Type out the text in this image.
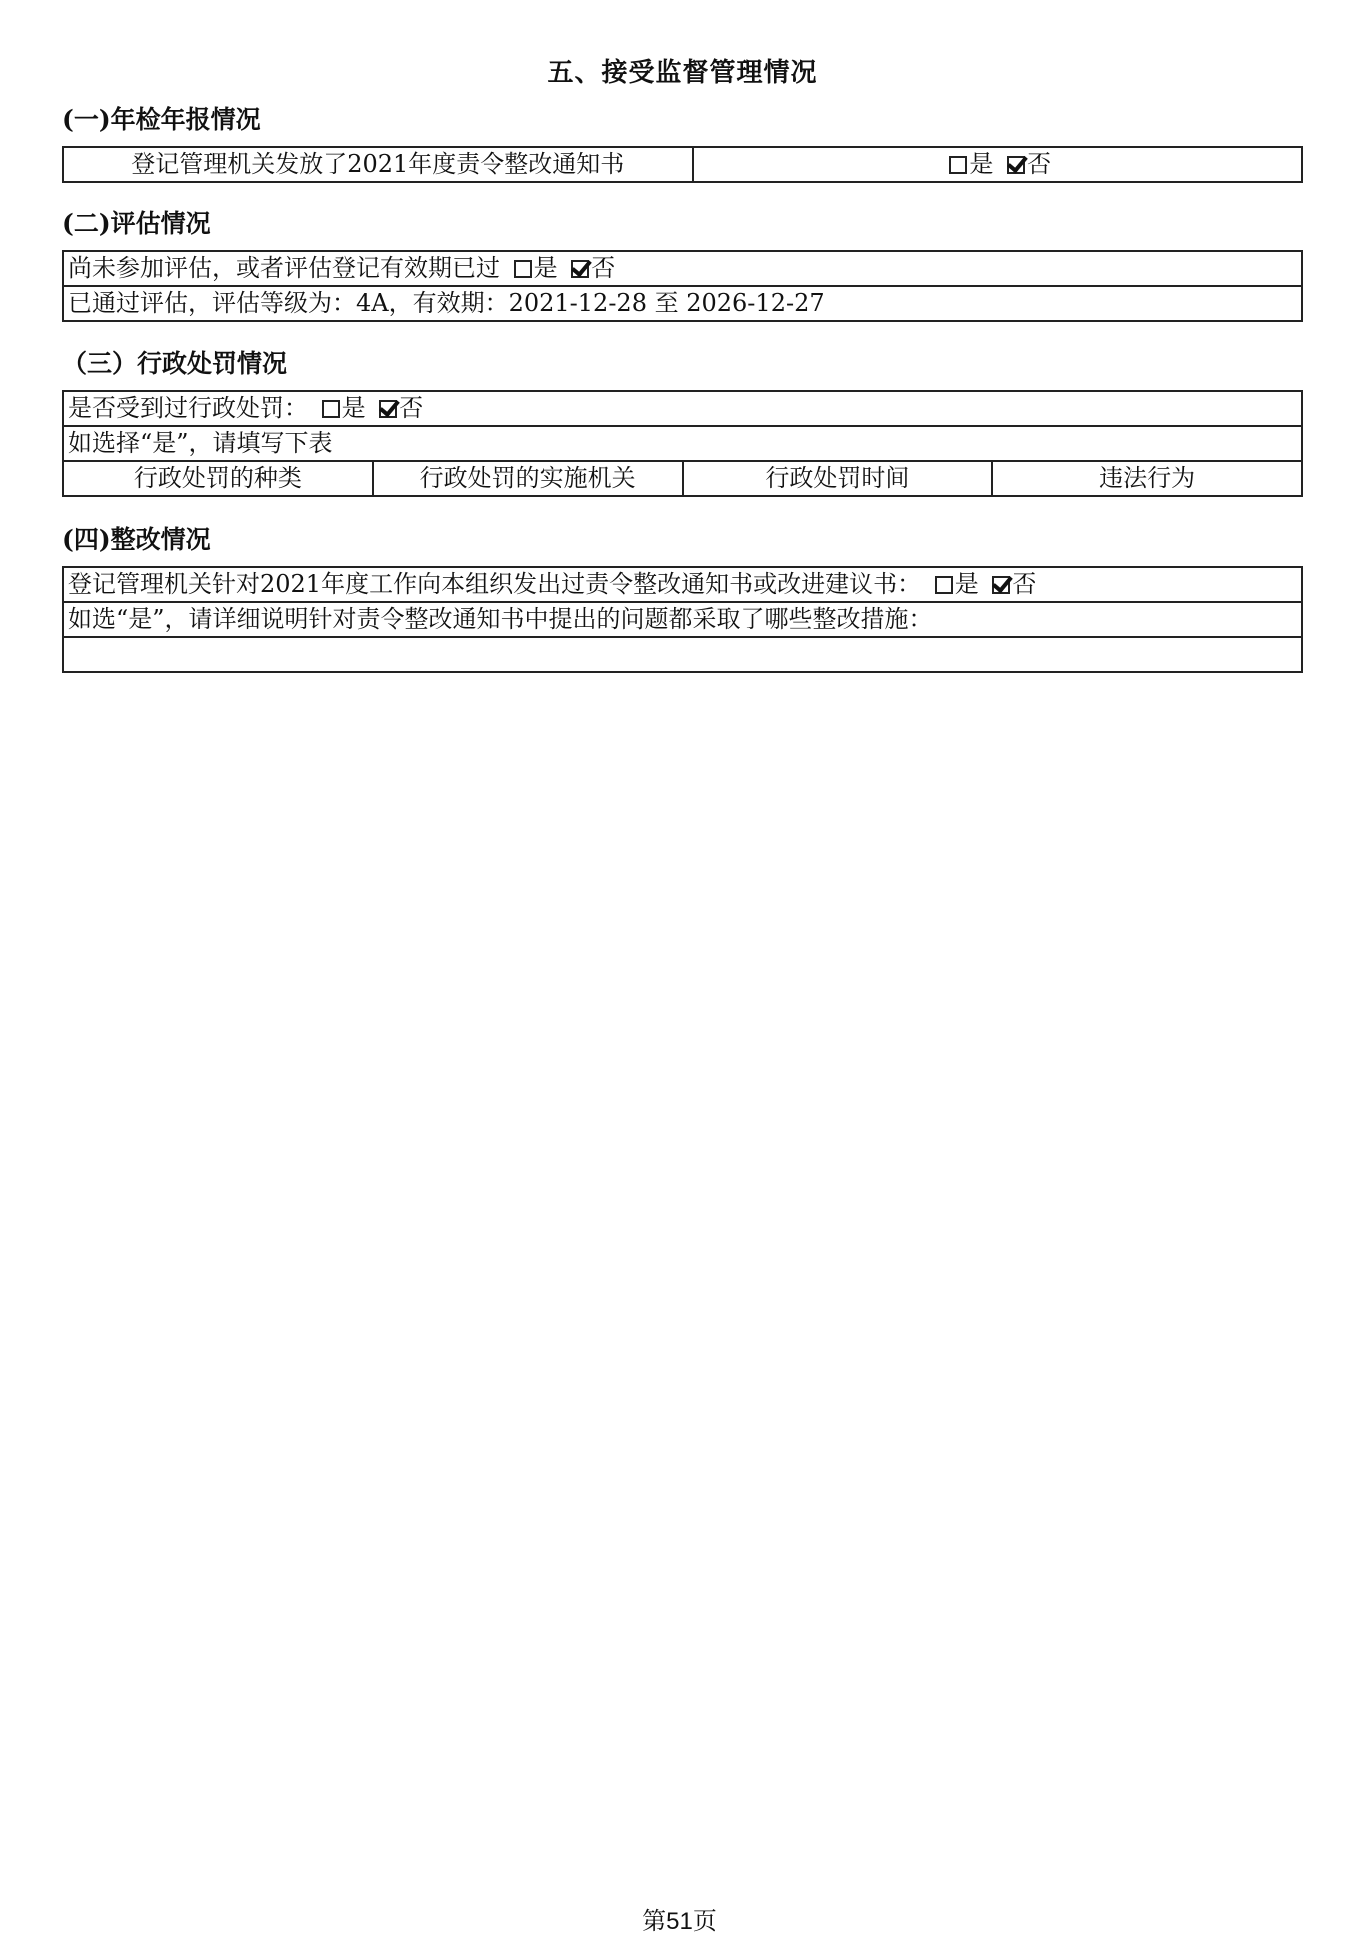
五、接受监督管理情况
(一)年检年报情况
登记管理机关发放了2021年度责令整改通知书	是 否
(二)评估情况
尚未参加评估，或者评估登记有效期已过 是 否
已通过评估，评估等级为：4A，有效期：2021-12-28 至 2026-12-27
（三）行政处罚情况
是否受到过行政处罚： 是 否
如选择“是”，请填写下表
行政处罚的种类	行政处罚的实施机关	行政处罚时间	违法行为
(四)整改情况
登记管理机关针对2021年度工作向本组织发出过责令整改通知书或改进建议书： 是 否
如选“是”，请详细说明针对责令整改通知书中提出的问题都采取了哪些整改措施：

第51页
